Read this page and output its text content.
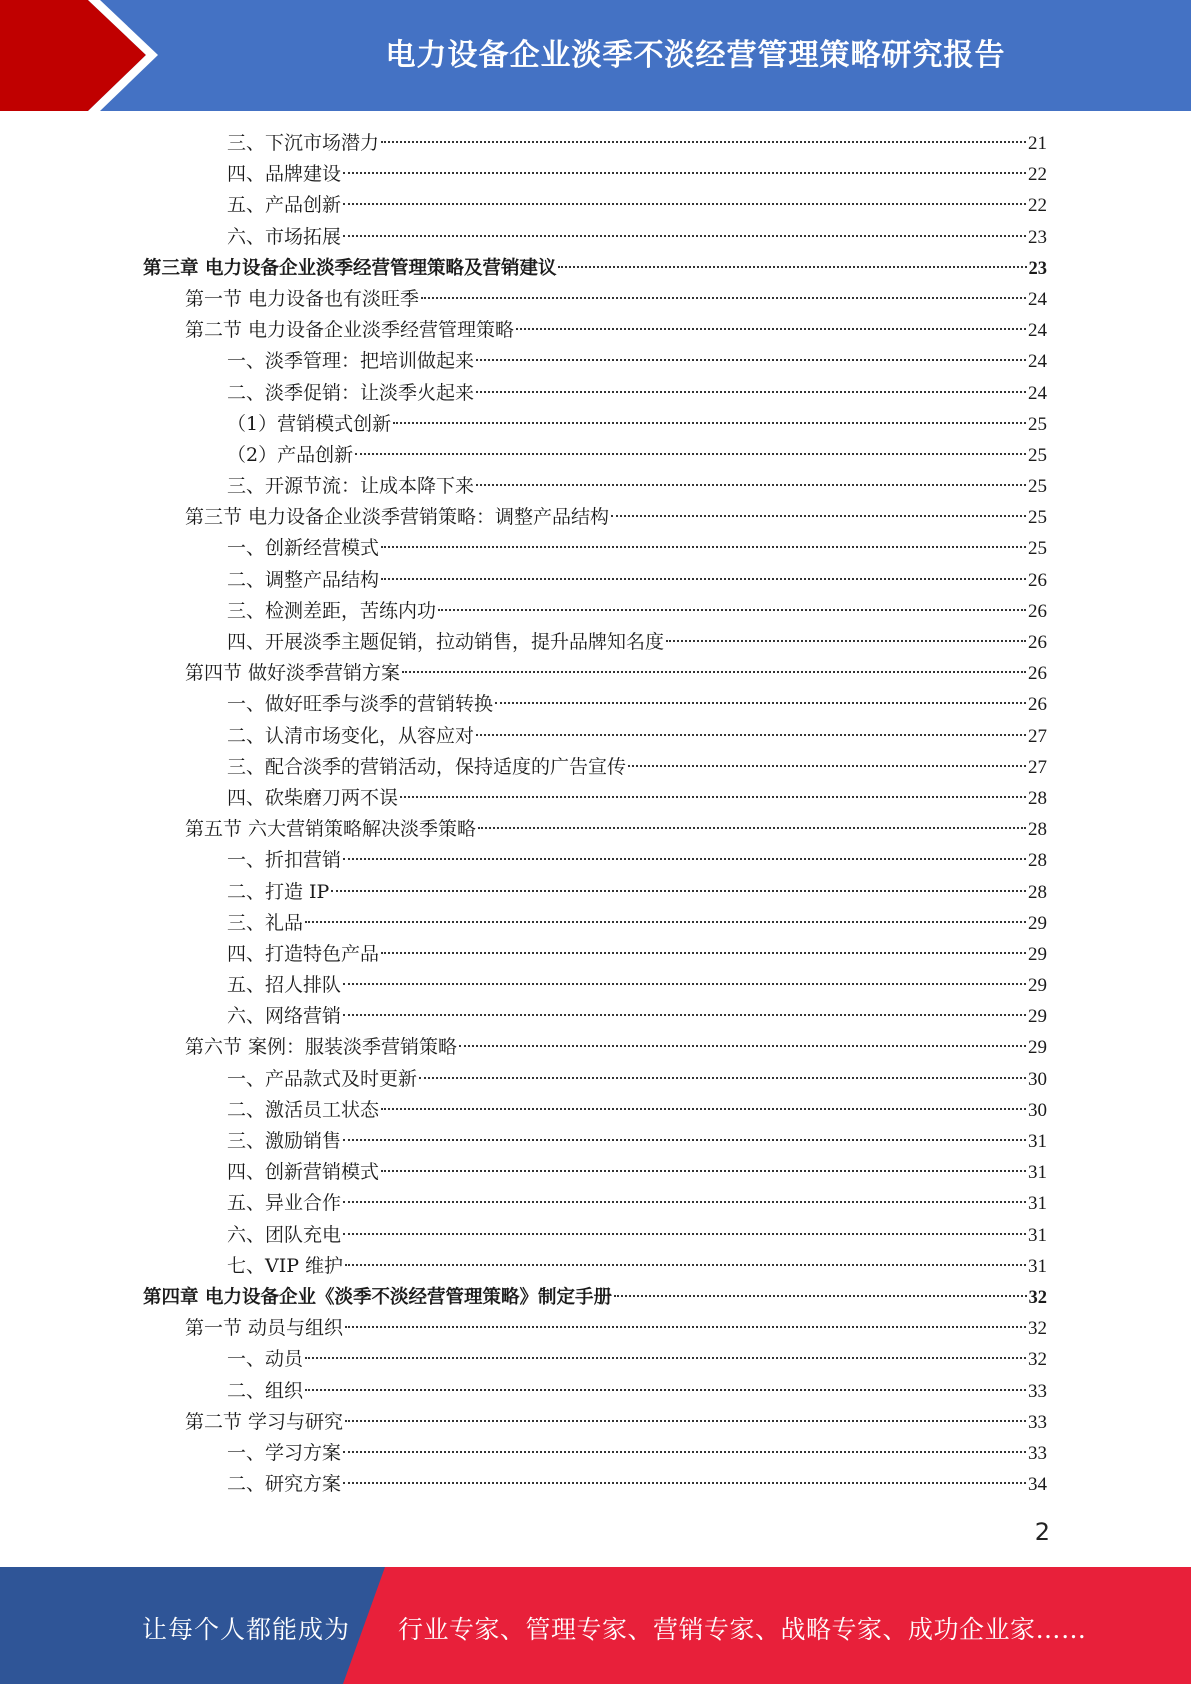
电力设备企业淡季不淡经营管理策略研究报告
三、下沉市场潜力	21
四、品牌建设	22
五、产品创新	22
六、市场拓展	23
第三章 电力设备企业淡季经营管理策略及营销建议	23
第一节 电力设备也有淡旺季	24
第二节 电力设备企业淡季经营管理策略	24
一、淡季管理：把培训做起来	24
二、淡季促销：让淡季火起来	24
（1）营销模式创新	25
（2）产品创新	25
三、开源节流：让成本降下来	25
第三节 电力设备企业淡季营销策略：调整产品结构	25
一、创新经营模式	25
二、调整产品结构	26
三、检测差距，苦练内功	26
四、开展淡季主题促销，拉动销售，提升品牌知名度	26
第四节 做好淡季营销方案	26
一、做好旺季与淡季的营销转换	26
二、认清市场变化，从容应对	27
三、配合淡季的营销活动，保持适度的广告宣传	27
四、砍柴磨刀两不误	28
第五节 六大营销策略解决淡季策略	28
一、折扣营销	28
二、打造 IP	28
三、礼品	29
四、打造特色产品	29
五、招人排队	29
六、网络营销	29
第六节 案例：服装淡季营销策略	29
一、产品款式及时更新	30
二、激活员工状态	30
三、激励销售	31
四、创新营销模式	31
五、异业合作	31
六、团队充电	31
七、VIP 维护	31
第四章 电力设备企业《淡季不淡经营管理策略》制定手册	32
第一节 动员与组织	32
一、动员	32
二、组织	33
第二节 学习与研究	33
一、学习方案	33
二、研究方案	34
2
让每个人都能成为 行业专家、管理专家、营销专家、战略专家、成功企业家……
